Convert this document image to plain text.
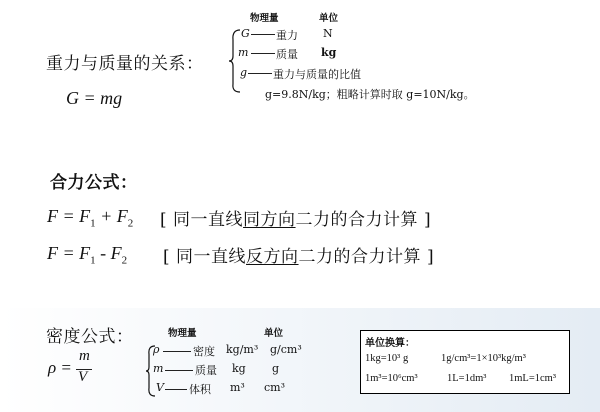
重力与质量的关系：
G = mg
物理量	单位
G 重力 N
m	质量 kg
g 重力与质量的比值
g=9.8N/kg；粗略计算时取 g=10N/kg。
合力公式：
$F = F_1 + F_2$ [ 同一直线同方向二力的合力计算 ]
$F = F_1 - F_2$ [ 同一直线反方向二力的合力计算 ]
密度公式：
ρ =
m
V
物理量	单位
ρ	密度 kg/m³ g/cm³
m	质量 kg g
V 体积 m³ cm³
单位换算：
1kg=10³ g	1g/cm³=1×10³kg/m³
1m³=10⁶cm³	1L=1dm³ 1mL=1cm³
